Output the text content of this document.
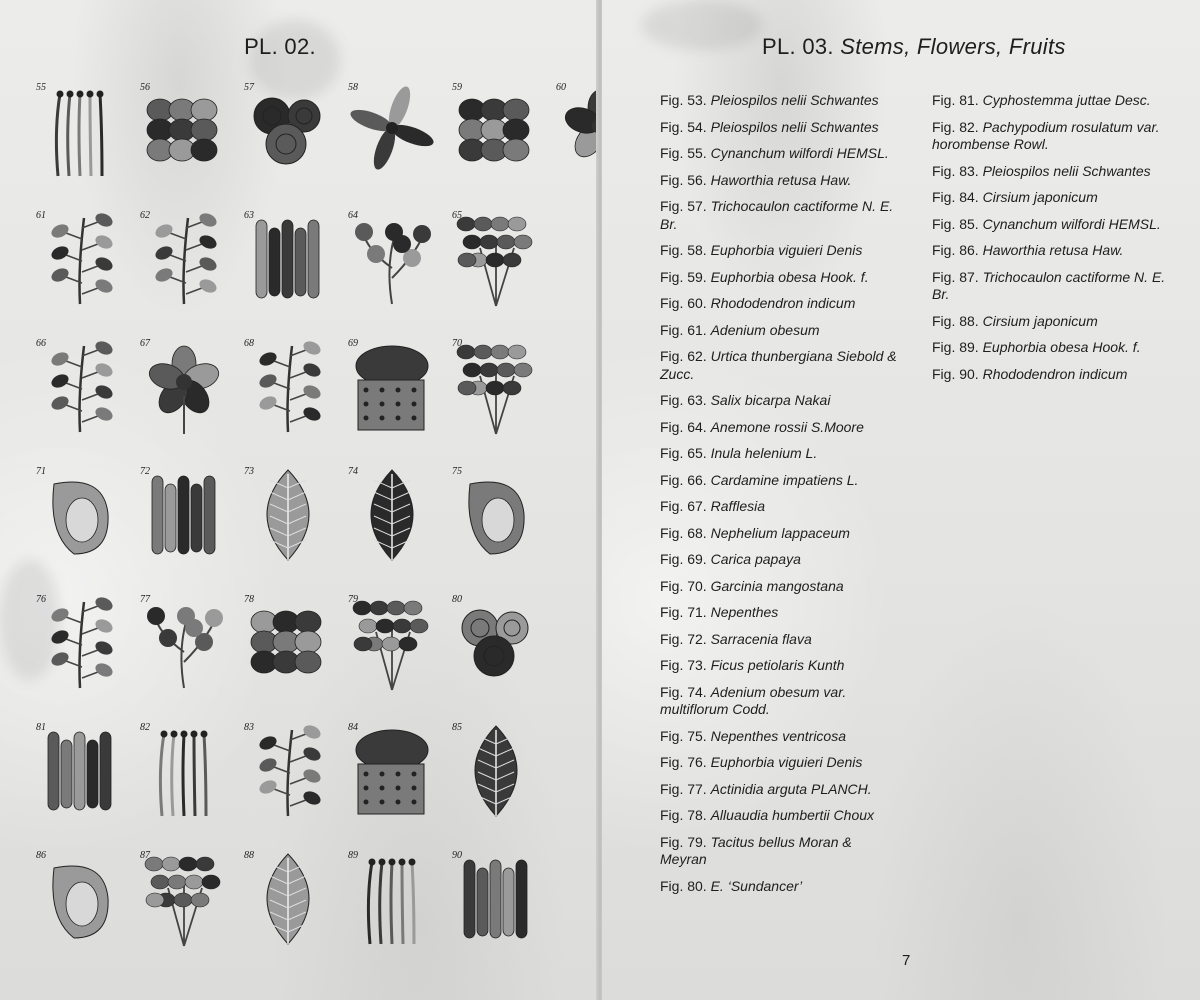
PL. 02.
55	56	57	58	59	60
61	62	63	64	65
66	67	68	69	70
71	72	73	74	75
76	77	78	79	80
81	82	83	84	85
86	87	88	89	90
PL. 03. Stems, Flowers, Fruits
Fig. 53. Pleiospilos nelii Schwantes
Fig. 54. Pleiospilos nelii Schwantes
Fig. 55. Cynanchum wilfordi HEMSL.
Fig. 56. Haworthia retusa Haw.
Fig. 57. Trichocaulon cactiforme N. E. Br.
Fig. 58. Euphorbia viguieri Denis
Fig. 59. Euphorbia obesa Hook. f.
Fig. 60. Rhododendron indicum
Fig. 61. Adenium obesum
Fig. 62. Urtica thunbergiana Siebold & Zucc.
Fig. 63. Salix bicarpa Nakai
Fig. 64. Anemone rossii S.Moore
Fig. 65. Inula helenium L.
Fig. 66. Cardamine impatiens L.
Fig. 67. Rafflesia
Fig. 68. Nephelium lappaceum
Fig. 69. Carica papaya
Fig. 70. Garcinia mangostana
Fig. 71. Nepenthes
Fig. 72. Sarracenia flava
Fig. 73. Ficus petiolaris Kunth
Fig. 74. Adenium obesum var. multiflorum Codd.
Fig. 75. Nepenthes ventricosa
Fig. 76. Euphorbia viguieri Denis
Fig. 77. Actinidia arguta PLANCH.
Fig. 78. Alluaudia humbertii Choux
Fig. 79. Tacitus bellus Moran & Meyran
Fig. 80. E. ‘Sundancer’
Fig. 81. Cyphostemma juttae Desc.
Fig. 82. Pachypodium rosulatum var. horombense Rowl.
Fig. 83. Pleiospilos nelii Schwantes
Fig. 84. Cirsium japonicum
Fig. 85. Cynanchum wilfordi HEMSL.
Fig. 86. Haworthia retusa Haw.
Fig. 87. Trichocaulon cactiforme N. E. Br.
Fig. 88. Cirsium japonicum
Fig. 89. Euphorbia obesa Hook. f.
Fig. 90. Rhododendron indicum
7
